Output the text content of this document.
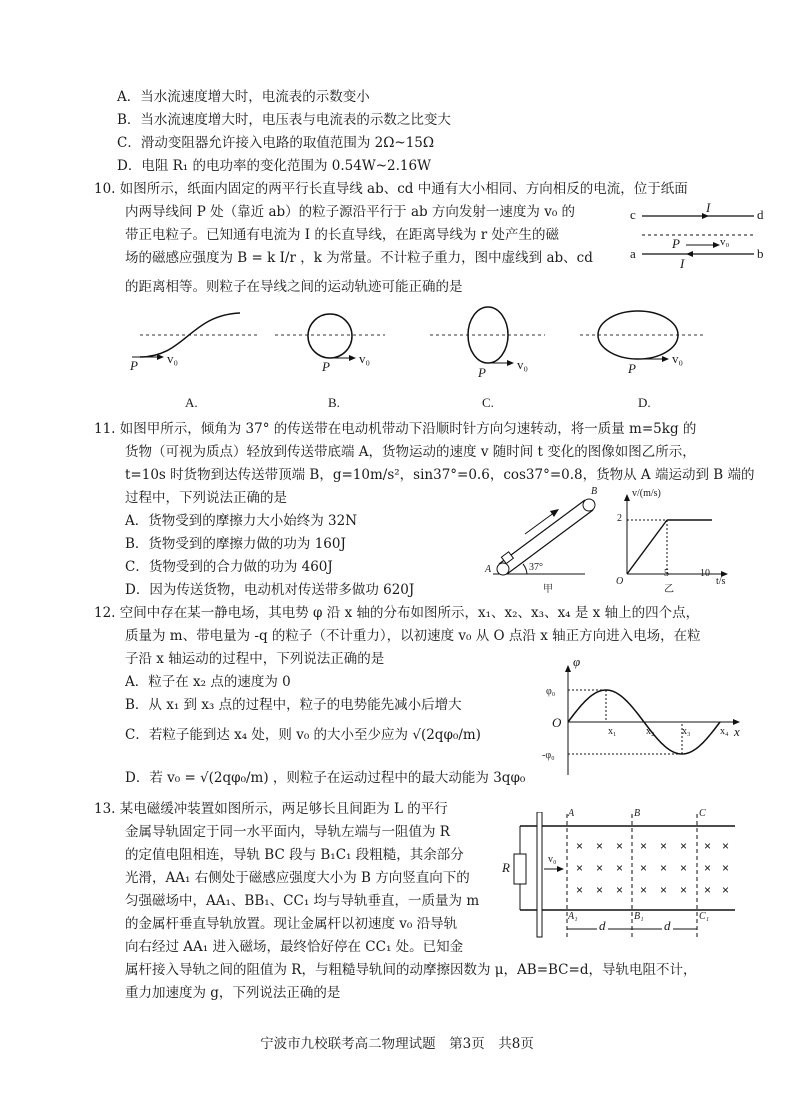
A．当水流速度增大时，电流表的示数变小
B．当水流速度增大时，电压表与电流表的示数之比变大
C．滑动变阻器允许接入电路的取值范围为 2Ω~15Ω
D．电阻 R₁ 的电功率的变化范围为 0.54W~2.16W
10. 如图所示，纸面内固定的两平行长直导线 ab、cd 中通有大小相同、方向相反的电流，位于纸面
内两导线间 P 处（靠近 ab）的粒子源沿平行于 ab 方向发射一速度为 v₀ 的
带正电粒子。已知通有电流为 I 的长直导线，在距离导线为 r 处产生的磁
场的磁感应强度为 B = k I/r ，k 为常量。不计粒子重力，图中虚线到 ab、cd
的距离相等。则粒子在导线之间的运动轨迹可能正确的是
c	d
a	b
I
I
P	v₀
P v₀
P
v₀
P
v₀	P
v₀
A.	B.	C.	D.
11. 如图甲所示，倾角为 37° 的传送带在电动机带动下沿顺时针方向匀速转动，将一质量 m=5kg 的
货物（可视为质点）轻放到传送带底端 A，货物运动的速度 v 随时间 t 变化的图像如图乙所示，
t=10s 时货物到达传送带顶端 B，g=10m/s²，sin37°=0.6，cos37°=0.8，货物从 A 端运动到 B 端的
过程中，下列说法正确的是
A．货物受到的摩擦力大小始终为 32N
B．货物受到的摩擦力做的功为 160J
C．货物受到的合力做的功为 460J
D．因为传送货物，电动机对传送带多做功 620J
A
B
37°
甲
v/(m/s)
t/s
O
2
5	10
乙
12. 空间中存在某一静电场，其电势 φ 沿 x 轴的分布如图所示，x₁、x₂、x₃、x₄ 是 x 轴上的四个点，
质量为 m、带电量为 -q 的粒子（不计重力），以初速度 v₀ 从 O 点沿 x 轴正方向进入电场，在粒
子沿 x 轴运动的过程中，下列说法正确的是
A．粒子在 x₂ 点的速度为 0
B．从 x₁ 到 x₃ 点的过程中，粒子的电势能先减小后增大
C．若粒子能到达 x₄ 处，则 v₀ 的大小至少应为 √(2qφ₀/m)
D．若 v₀ = √(2qφ₀/m) ，则粒子在运动过程中的最大动能为 3qφ₀
φ
x
O
φ₀
-φ₀
x₁	x₂	x₃	x₄
13. 某电磁缓冲装置如图所示，两足够长且间距为 L 的平行
金属导轨固定于同一水平面内，导轨左端与一阻值为 R
的定值电阻相连，导轨 BC 段与 B₁C₁ 段粗糙，其余部分
光滑，AA₁ 右侧处于磁感应强度大小为 B 方向竖直向下的
匀强磁场中，AA₁、BB₁、CC₁ 均与导轨垂直，一质量为 m
的金属杆垂直导轨放置。现让金属杆以初速度 v₀ 沿导轨
向右经过 AA₁ 进入磁场，最终恰好停在 CC₁ 处。已知金
属杆接入导轨之间的阻值为 R，与粗糙导轨间的动摩擦因数为 μ，AB=BC=d，导轨电阻不计，
重力加速度为 g，下列说法正确的是
× × × × × × × ×
× × × × × × × ×
× × × × × × × ×
R
v₀
A	B	C
A₁	B₁	C₁
d	d
宁波市九校联考高二物理试题　第3页　共8页
